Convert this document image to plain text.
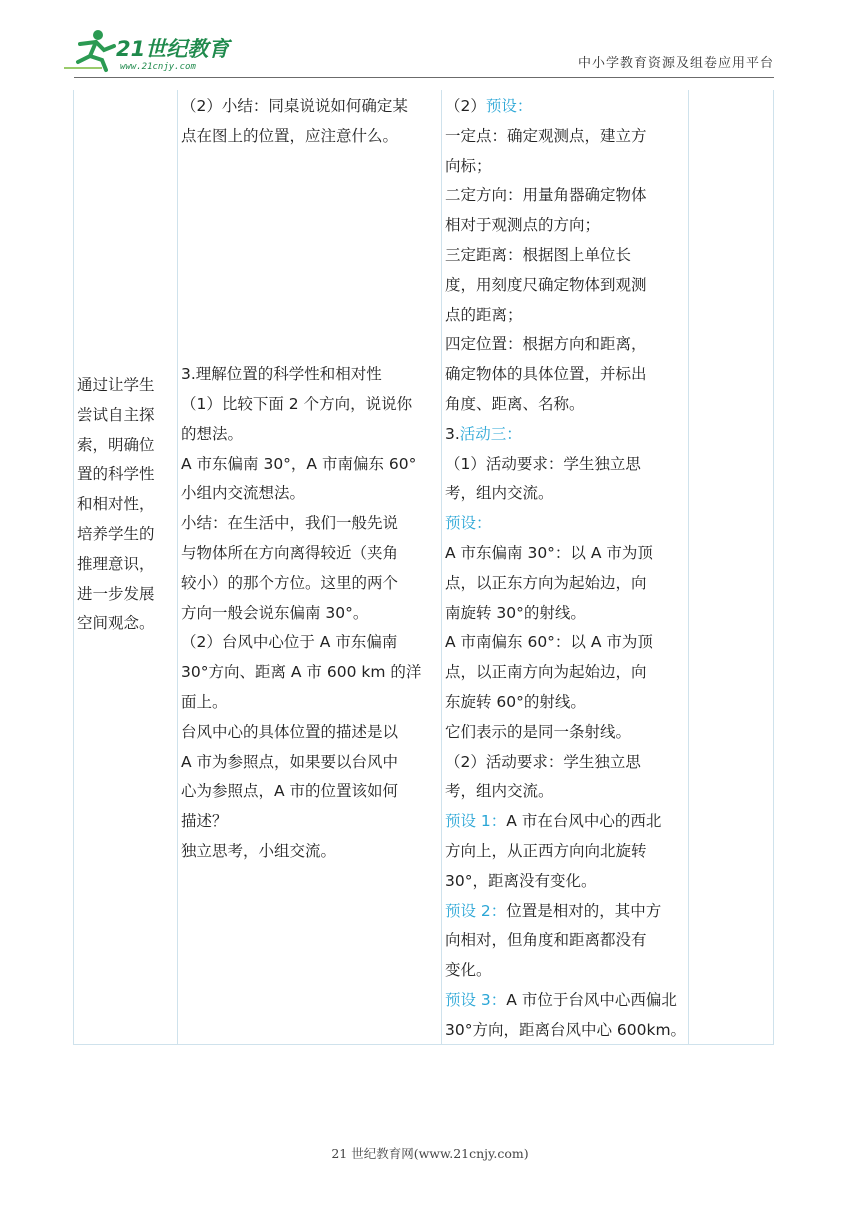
21世纪教育
www.21cnjy.com	中小学教育资源及组卷应用平台

通过让学生

尝试自主探

索，明确位

置的科学性

和相对性，

培养学生的

推理意识，

进一步发展

空间观念。

（2）小结：同桌说说如何确定某

点在图上的位置，应注意什么。

3.理解位置的科学性和相对性

（1）比较下面 2 个方向，说说你

的想法。

A 市东偏南 30°，A 市南偏东 60°

小组内交流想法。

小结：在生活中，我们一般先说

与物体所在方向离得较近（夹角

较小）的那个方位。这里的两个

方向一般会说东偏南 30°。

（2）台风中心位于 A 市东偏南

30°方向、距离 A 市 600 km 的洋

面上。

台风中心的具体位置的描述是以

A 市为参照点，如果要以台风中

心为参照点，A 市的位置该如何

描述？

独立思考，小组交流。

（2）预设：

一定点：确定观测点，建立方

向标；

二定方向：用量角器确定物体

相对于观测点的方向；

三定距离：根据图上单位长

度，用刻度尺确定物体到观测

点的距离；

四定位置：根据方向和距离，

确定物体的具体位置，并标出

角度、距离、名称。

3.活动三：

（1）活动要求：学生独立思

考，组内交流。

预设：

A 市东偏南 30°：以 A 市为顶

点，以正东方向为起始边，向

南旋转 30°的射线。

A 市南偏东 60°：以 A 市为顶

点，以正南方向为起始边，向

东旋转 60°的射线。

它们表示的是同一条射线。

（2）活动要求：学生独立思

考，组内交流。

预设 1：A 市在台风中心的西北

方向上，从正西方向向北旋转

30°，距离没有变化。

预设 2：位置是相对的，其中方

向相对，但角度和距离都没有

变化。

预设 3：A 市位于台风中心西偏北

30°方向，距离台风中心 600km。

21 世纪教育网(www.21cnjy.com)
